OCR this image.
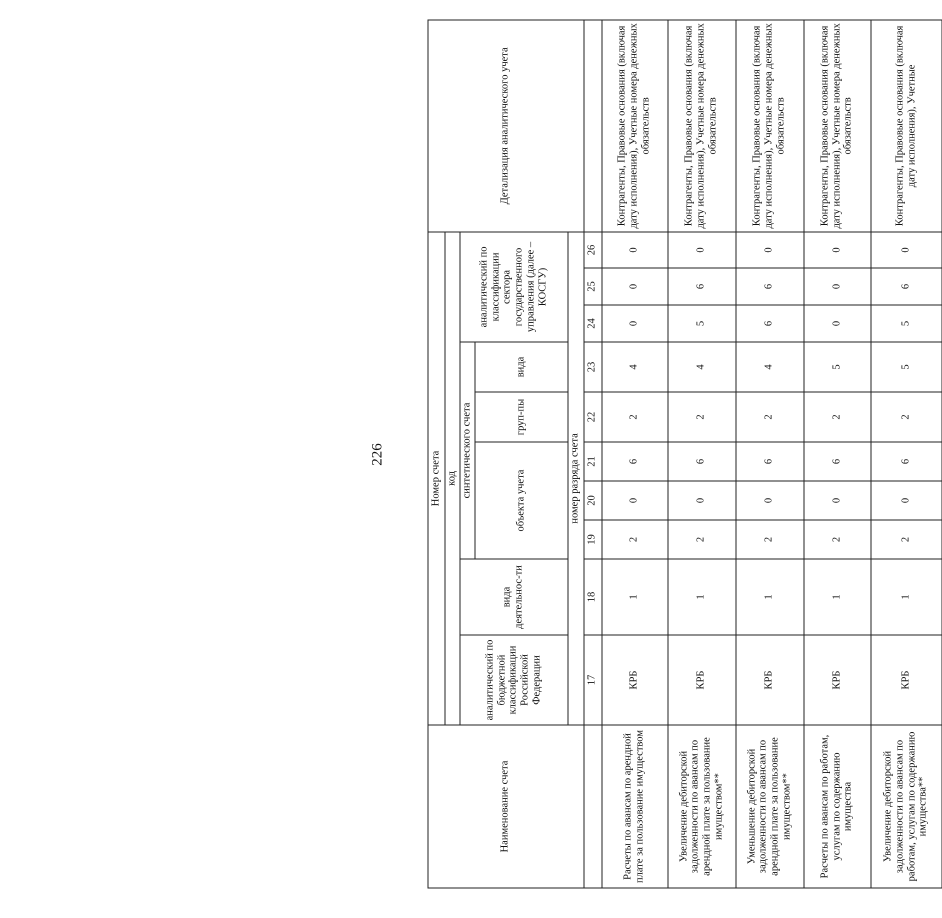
226
Наименование счета	Номер счета										Детализация аналитического учета
	код										
	аналитический по бюджетной классификации Российской Федерации	вида деятельнос-ти	синтетического счета					аналитический по классификации сектора государственного управления (далее – КОСГУ)			
			объекта учета			груп-пы	вида				

	номер разряда счета										
	17	18	19	20	21	22	23	24	25	26	
Расчеты по авансам по арендной плате за пользование имуществом	КРБ	1	2	0	6	2	4	0	0	0	Контрагенты, Правовые основания (включая дату исполнения), Учетные номера денежных обязательств
Увеличение дебиторской задолженности по авансам по арендной плате за пользование имуществом**	КРБ	1	2	0	6	2	4	5	6	0	Контрагенты, Правовые основания (включая дату исполнения), Учетные номера денежных обязательств
Уменьшение дебиторской задолженности по авансам по арендной плате за пользование имуществом**	КРБ	1	2	0	6	2	4	6	6	0	Контрагенты, Правовые основания (включая дату исполнения), Учетные номера денежных обязательств
Расчеты по авансам по работам, услугам по содержанию имущества	КРБ	1	2	0	6	2	5	0	0	0	Контрагенты, Правовые основания (включая дату исполнения), Учетные номера денежных обязательств
Увеличение дебиторской задолженности по авансам по работам, услугам по содержанию имущества**	КРБ	1	2	0	6	2	5	5	6	0	Контрагенты, Правовые основания (включая дату исполнения), Учетные
